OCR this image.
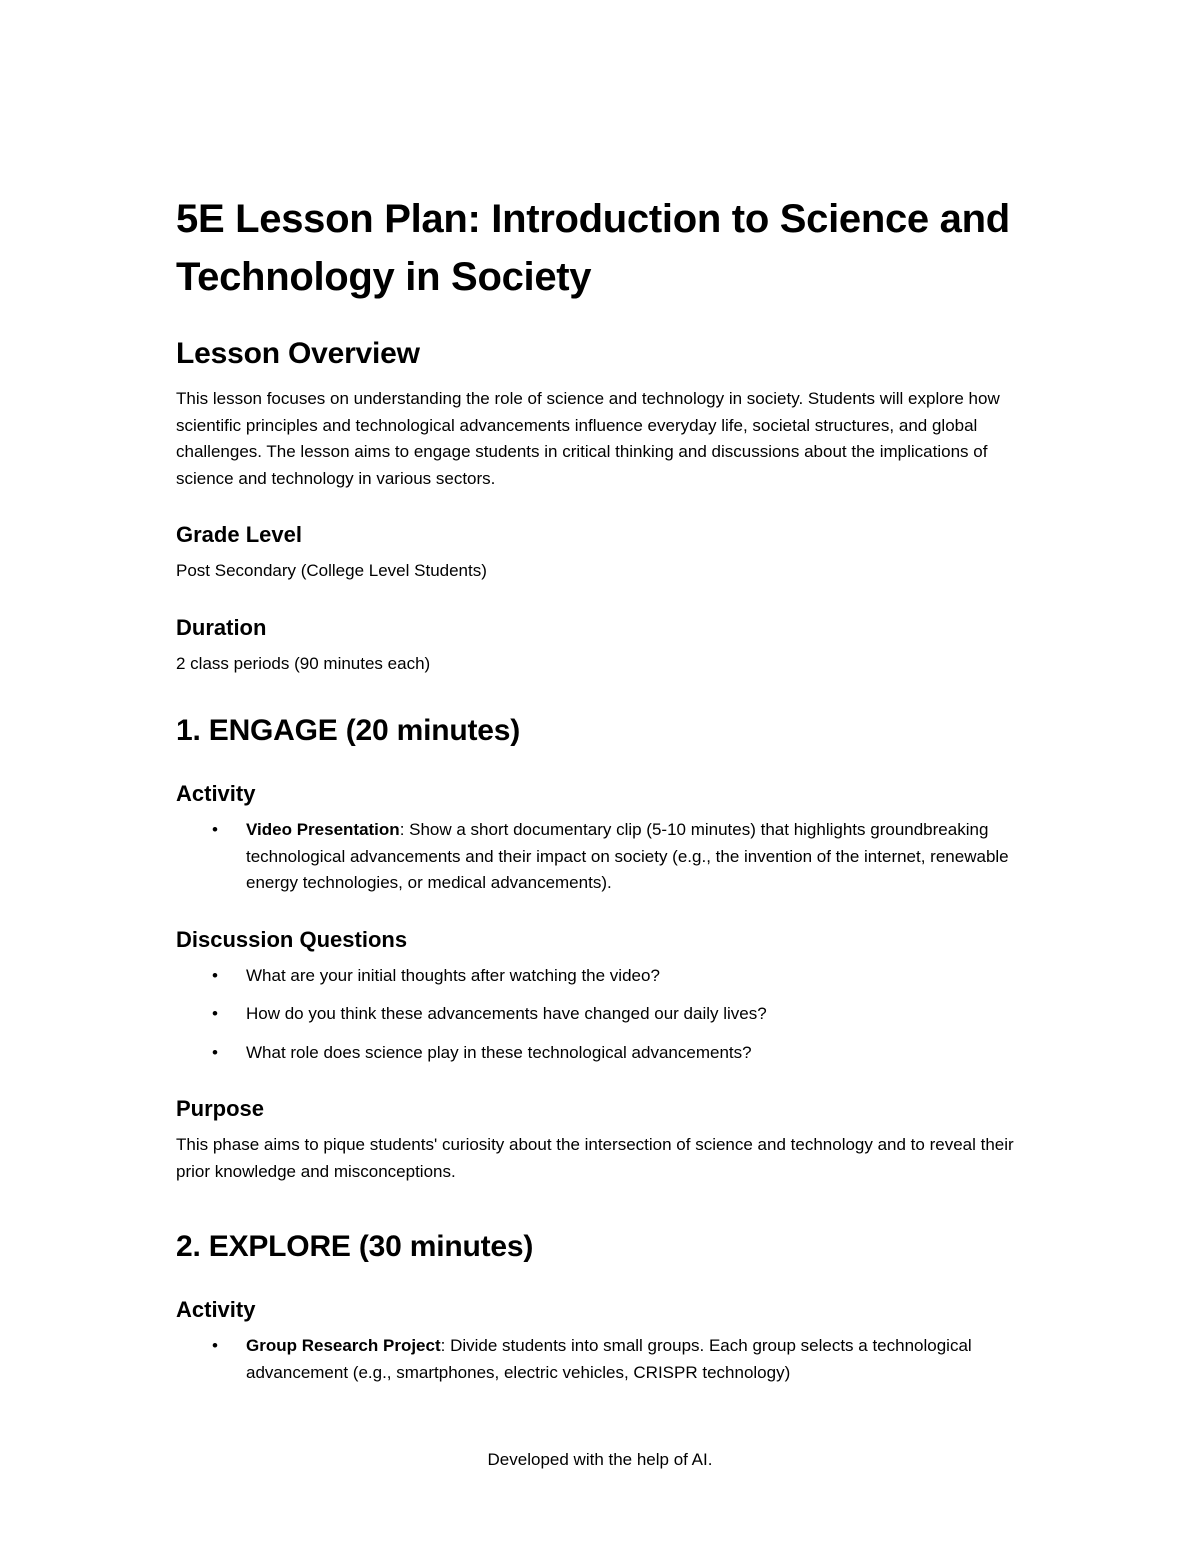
5E Lesson Plan: Introduction to Science and Technology in Society
Lesson Overview

This lesson focuses on understanding the role of science and technology in society. Students will explore how scientific principles and technological advancements influence everyday life, societal structures, and global challenges. The lesson aims to engage students in critical thinking and discussions about the implications of science and technology in various sectors.

Grade Level

Post Secondary (College Level Students)

Duration

2 class periods (90 minutes each)

1. ENGAGE (20 minutes)
Activity
• Video Presentation: Show a short documentary clip (5-10 minutes) that highlights groundbreaking technological advancements and their impact on society (e.g., the invention of the internet, renewable energy technologies, or medical advancements).
Discussion Questions
• What are your initial thoughts after watching the video?
• How do you think these advancements have changed our daily lives?
• What role does science play in these technological advancements?
Purpose

This phase aims to pique students' curiosity about the intersection of science and technology and to reveal their prior knowledge and misconceptions.

2. EXPLORE (30 minutes)
Activity
• Group Research Project: Divide students into small groups. Each group selects a technological advancement (e.g., smartphones, electric vehicles, CRISPR technology)
Developed with the help of AI.
